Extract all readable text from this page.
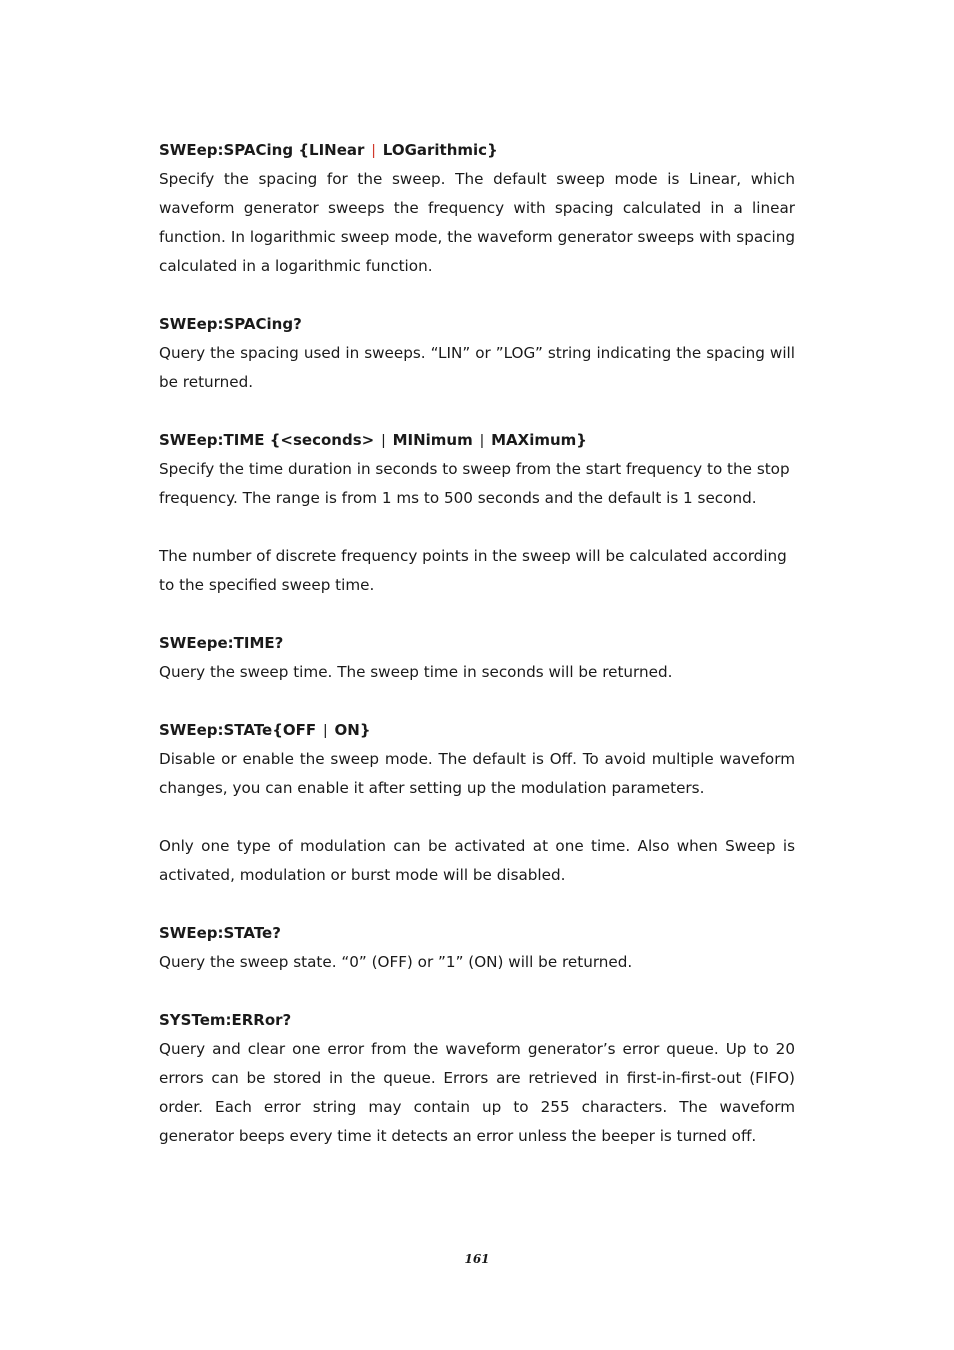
SWEep:SPACing {LINear | LOGarithmic}

Specify the spacing for the sweep. The default sweep mode is Linear, which waveform generator sweeps the frequency with spacing calculated in a linear function. In logarithmic sweep mode, the waveform generator sweeps with spacing calculated in a logarithmic function.

SWEep:SPACing?

Query the spacing used in sweeps. “LIN” or ”LOG” string indicating the spacing will be returned.

SWEep:TIME {<seconds> | MINimum | MAXimum}

Specify the time duration in seconds to sweep from the start frequency to the stop frequency. The range is from 1 ms to 500 seconds and the default is 1 second.

The number of discrete frequency points in the sweep will be calculated according to the specified sweep time.

SWEepe:TIME?

Query the sweep time. The sweep time in seconds will be returned.

SWEep:STATe{OFF | ON}

Disable or enable the sweep mode. The default is Off. To avoid multiple waveform changes, you can enable it after setting up the modulation parameters.

Only one type of modulation can be activated at one time. Also when Sweep is activated, modulation or burst mode will be disabled.

SWEep:STATe?

Query the sweep state. “0” (OFF) or ”1” (ON) will be returned.

SYSTem:ERRor?

Query and clear one error from the waveform generator’s error queue. Up to 20 errors can be stored in the queue. Errors are retrieved in first-in-first-out (FIFO) order. Each error string may contain up to 255 characters. The waveform generator beeps every time it detects an error unless the beeper is turned off.

161
